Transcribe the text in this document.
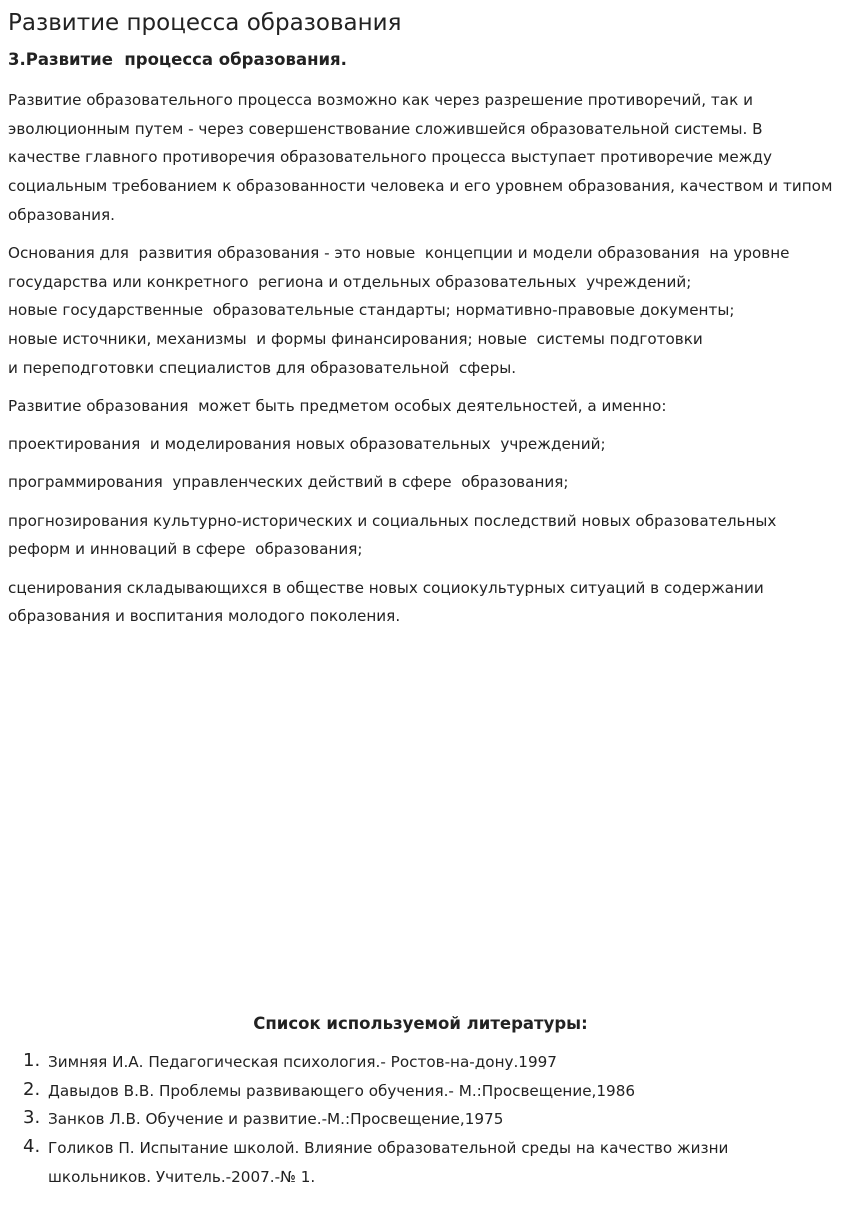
Развитие процесса образования
3.Развитие  процесса образования.

Развитие образовательного процесса возможно как через разрешение противоречий, так и эволюционным путем - через совершенствование сложившейся образовательной системы. В качестве главного противоречия образовательного процесса выступает противоречие между социальным требованием к образованности человека и его уровнем образования, качеством и типом образования.

Основания для  развития образования - это новые  концепции и модели образования  на уровне государства или конкретного  региона и отдельных образовательных  учреждений;
новые государственные  образовательные стандарты; нормативно-правовые документы;
новые источники, механизмы  и формы финансирования; новые  системы подготовки
и переподготовки специалистов для образовательной  сферы.

Развитие образования  может быть предметом особых деятельностей, а именно:

проектирования  и моделирования новых образовательных  учреждений;

программирования  управленческих действий в сфере  образования;

прогнозирования культурно-исторических и социальных последствий новых образовательных реформ и инноваций в сфере  образования;

сценирования складывающихся в обществе новых социокультурных ситуаций в содержании образования и воспитания молодого поколения.

Список используемой литературы:
1. Зимняя И.А. Педагогическая психология.- Ростов-на-дону.1997
2. Давыдов В.В. Проблемы развивающего обучения.- М.:Просвещение,1986
3. Занков Л.В. Обучение и развитие.-М.:Просвещение,1975
4. Голиков П. Испытание школой. Влияние образовательной среды на качество жизни школьников. Учитель.-2007.-№ 1.
